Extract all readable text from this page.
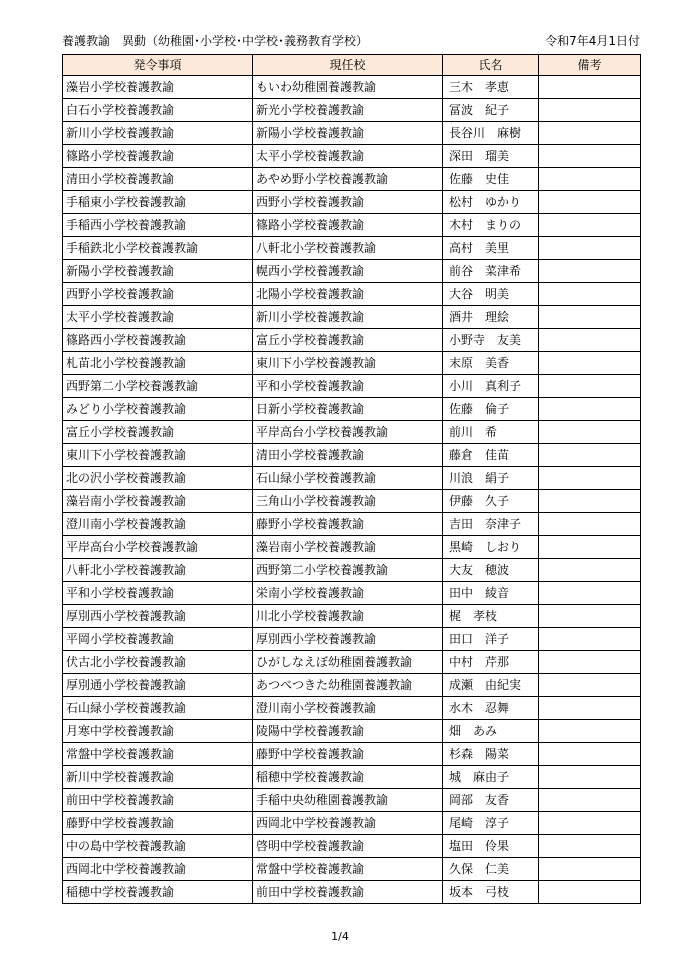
養護教諭　異動（幼稚園･小学校･中学校･義務教育学校）	令和7年4月1日付
発令事項	現任校	氏名	備考
藻岩小学校養護教諭	もいわ幼稚園養護教諭	三木　孝恵	
白石小学校養護教諭	新光小学校養護教諭	冨波　紀子	
新川小学校養護教諭	新陽小学校養護教諭	長谷川　麻樹	
篠路小学校養護教諭	太平小学校養護教諭	深田　瑠美	
清田小学校養護教諭	あやめ野小学校養護教諭	佐藤　史佳	
手稲東小学校養護教諭	西野小学校養護教諭	松村　ゆかり	
手稲西小学校養護教諭	篠路小学校養護教諭	木村　まりの	
手稲鉄北小学校養護教諭	八軒北小学校養護教諭	高村　美里	
新陽小学校養護教諭	幌西小学校養護教諭	前谷　菜津希	
西野小学校養護教諭	北陽小学校養護教諭	大谷　明美	
太平小学校養護教諭	新川小学校養護教諭	酒井　理絵	
篠路西小学校養護教諭	富丘小学校養護教諭	小野寺　友美	
札苗北小学校養護教諭	東川下小学校養護教諭	末原　美香	
西野第二小学校養護教諭	平和小学校養護教諭	小川　真利子	
みどり小学校養護教諭	日新小学校養護教諭	佐藤　倫子	
富丘小学校養護教諭	平岸高台小学校養護教諭	前川　希	
東川下小学校養護教諭	清田小学校養護教諭	藤倉　佳苗	
北の沢小学校養護教諭	石山緑小学校養護教諭	川浪　絹子	
藻岩南小学校養護教諭	三角山小学校養護教諭	伊藤　久子	
澄川南小学校養護教諭	藤野小学校養護教諭	吉田　奈津子	
平岸高台小学校養護教諭	藻岩南小学校養護教諭	黒崎　しおり	
八軒北小学校養護教諭	西野第二小学校養護教諭	大友　穂波	
平和小学校養護教諭	栄南小学校養護教諭	田中　綾音	
厚別西小学校養護教諭	川北小学校養護教諭	梶　孝枝	
平岡小学校養護教諭	厚別西小学校養護教諭	田口　洋子	
伏古北小学校養護教諭	ひがしなえぼ幼稚園養護教諭	中村　芹那	
厚別通小学校養護教諭	あつべつきた幼稚園養護教諭	成瀬　由紀実	
石山緑小学校養護教諭	澄川南小学校養護教諭	水木　忍舞	
月寒中学校養護教諭	陵陽中学校養護教諭	畑　あみ	
常盤中学校養護教諭	藤野中学校養護教諭	杉森　陽菜	
新川中学校養護教諭	稲穂中学校養護教諭	城　麻由子	
前田中学校養護教諭	手稲中央幼稚園養護教諭	岡部　友香	
藤野中学校養護教諭	西岡北中学校養護教諭	尾崎　淳子	
中の島中学校養護教諭	啓明中学校養護教諭	塩田　伶果	
西岡北中学校養護教諭	常盤中学校養護教諭	久保　仁美	
稲穂中学校養護教諭	前田中学校養護教諭	坂本　弓枝	
1/4
